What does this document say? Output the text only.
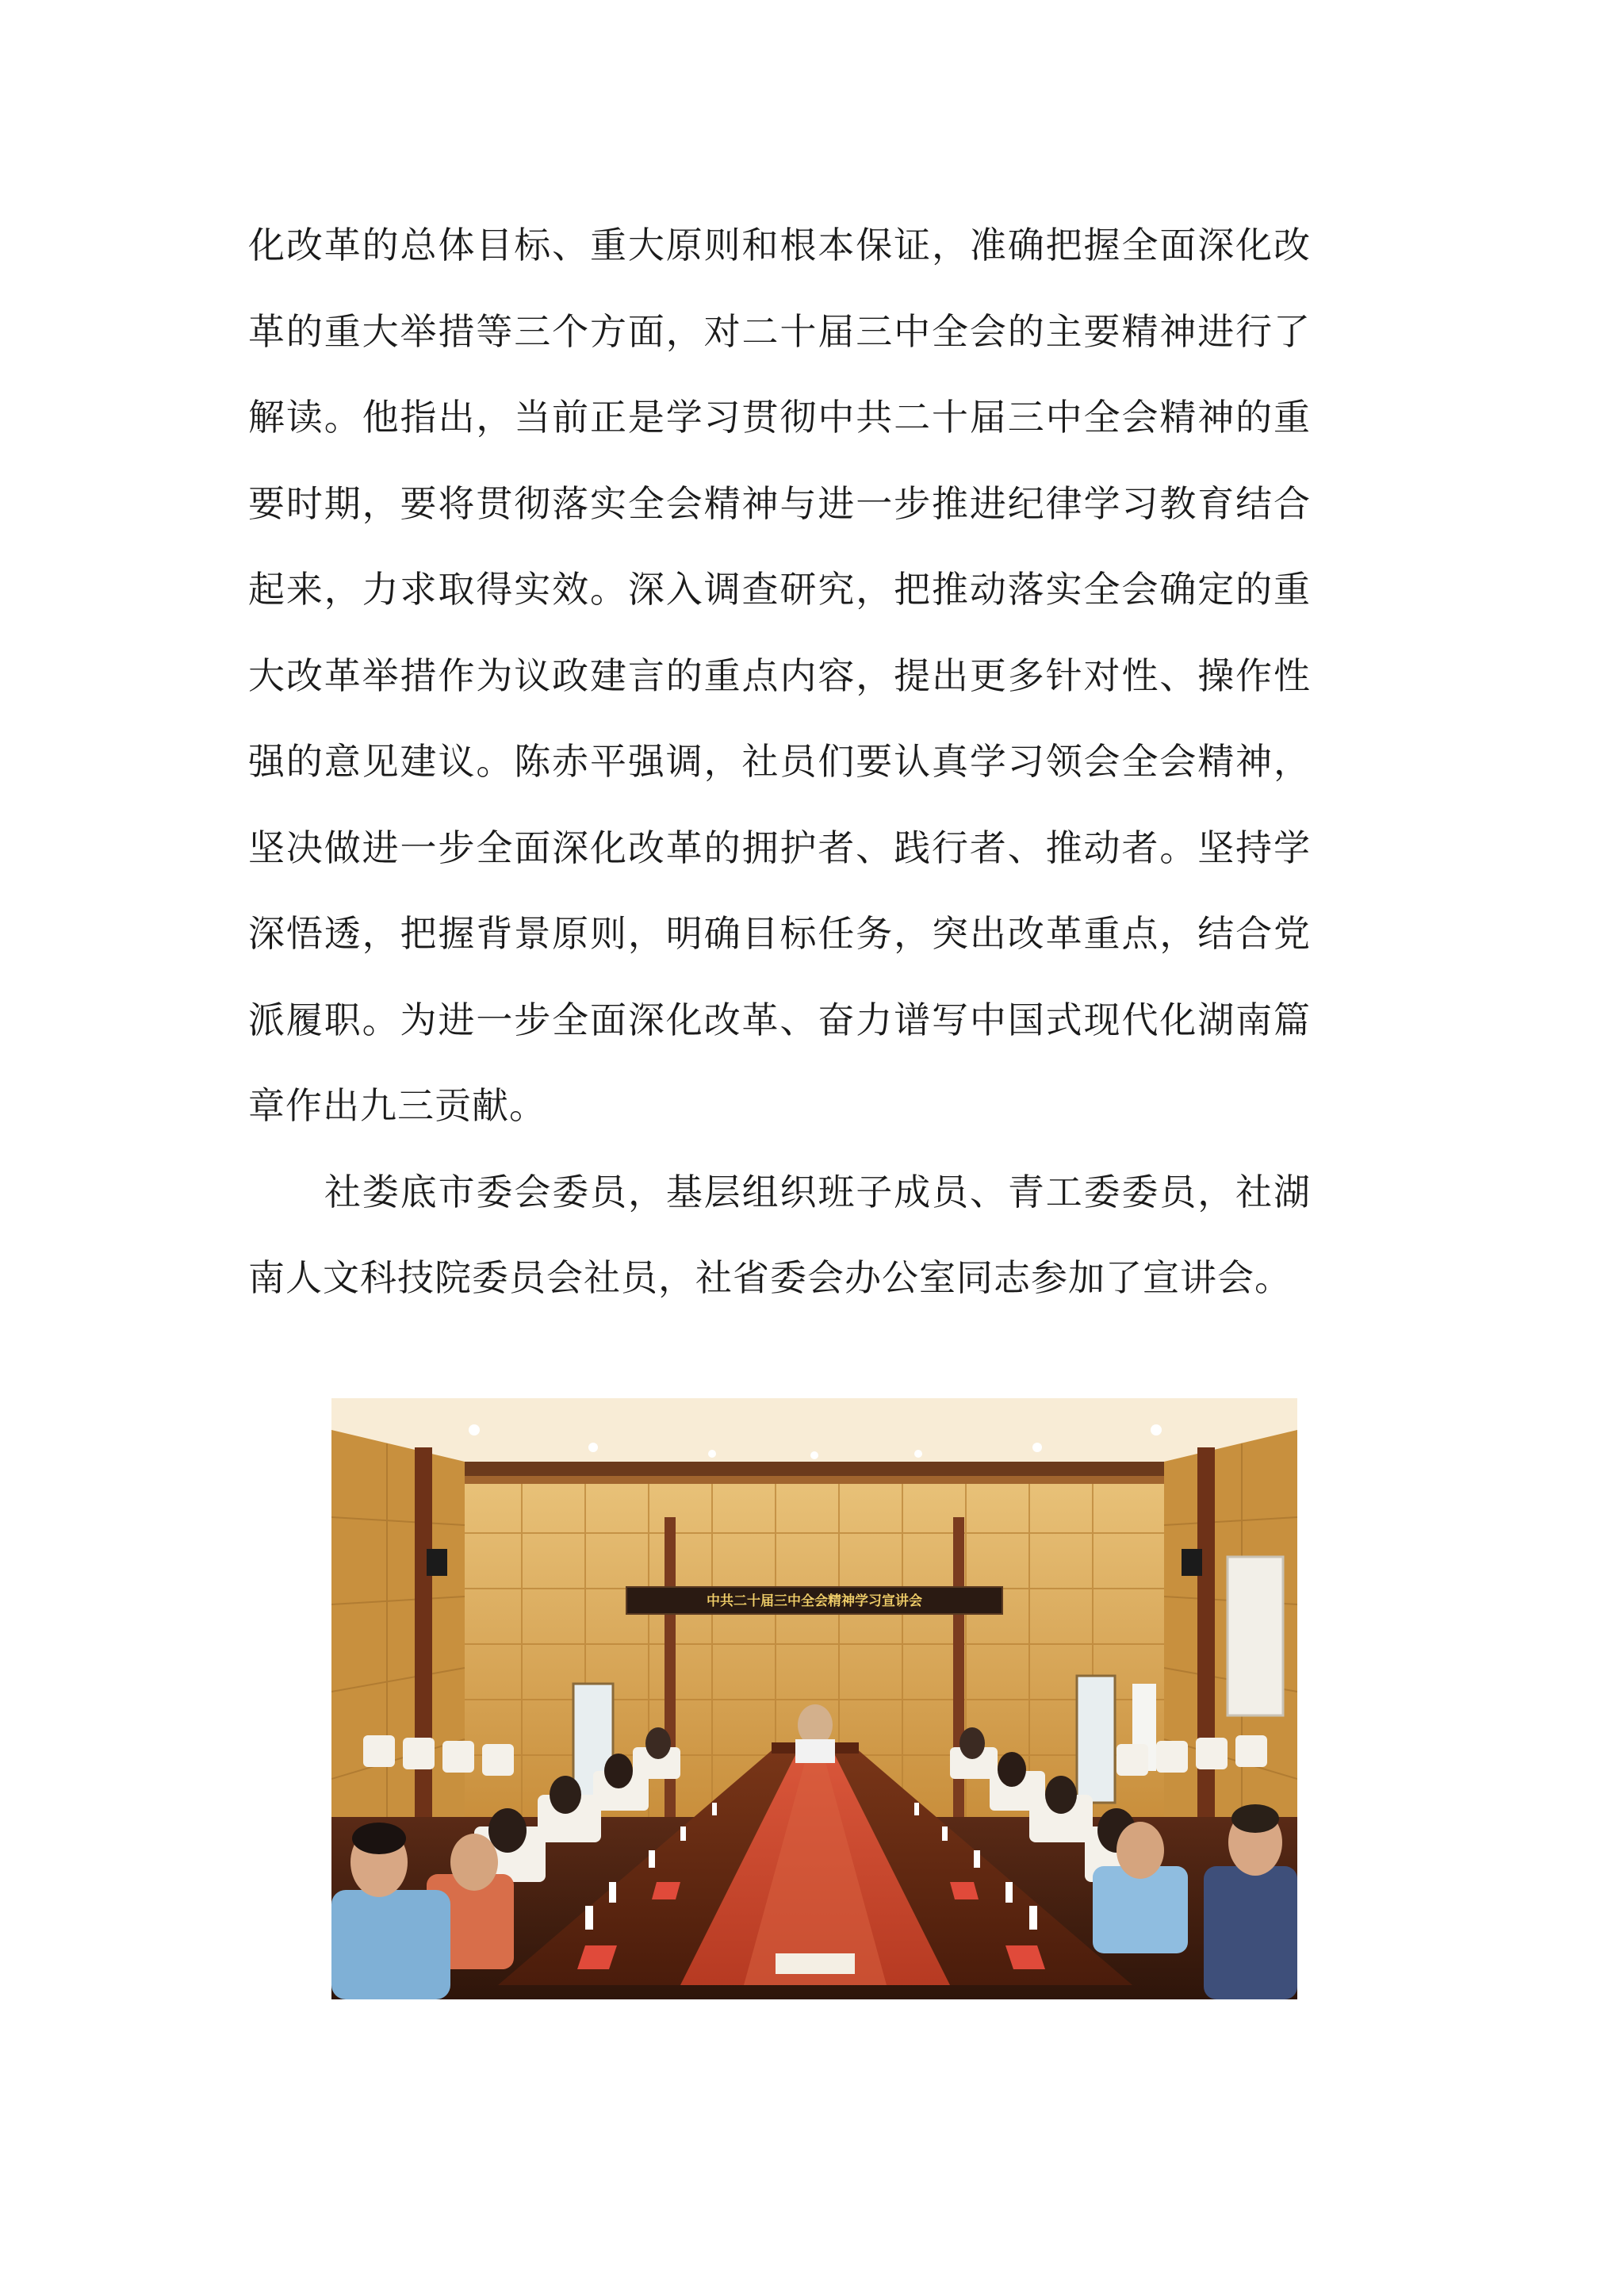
化改革的总体目标、重大原则和根本保证，准确把握全面深化改革的重大举措等三个方面，对二十届三中全会的主要精神进行了解读。他指出，当前正是学习贯彻中共二十届三中全会精神的重要时期，要将贯彻落实全会精神与进一步推进纪律学习教育结合起来，力求取得实效。深入调查研究，把推动落实全会确定的重大改革举措作为议政建言的重点内容，提出更多针对性、操作性强的意见建议。陈赤平强调，社员们要认真学习领会全会精神，坚决做进一步全面深化改革的拥护者、践行者、推动者。坚持学深悟透，把握背景原则，明确目标任务，突出改革重点，结合党派履职。为进一步全面深化改革、奋力谱写中国式现代化湖南篇章作出九三贡献。

社娄底市委会委员，基层组织班子成员、青工委委员，社湖南人文科技院委员会社员，社省委会办公室同志参加了宣讲会。

中共二十届三中全会精神学习宣讲会
